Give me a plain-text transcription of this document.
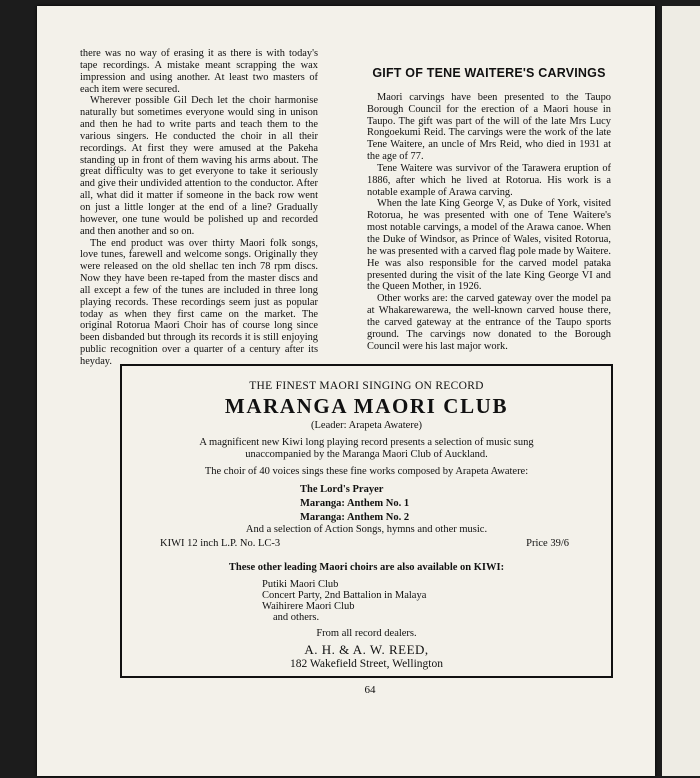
there was no way of erasing it as there is with today's tape recordings. A mistake meant scrapping the wax impression and using another. At least two masters of each item were secured.

Wherever possible Gil Dech let the choir harmonise naturally but sometimes everyone would sing in unison and then he had to write parts and teach them to the various singers. He conducted the choir in all their recordings. At first they were amused at the Pakeha standing up in front of them waving his arms about. The great difficulty was to get everyone to take it seriously and give their undivided attention to the conductor. After all, what did it matter if someone in the back row went on just a little longer at the end of a line? Gradually however, one tune would be polished up and recorded and then another and so on.

The end product was over thirty Maori folk songs, love tunes, farewell and welcome songs. Originally they were released on the old shellac ten inch 78 rpm discs. Now they have been re-taped from the master discs and all except a few of the tunes are included in three long playing records. These recordings seem just as popular today as when they first came on the market. The original Rotorua Maori Choir has of course long since been disbanded but through its records it is still enjoying public recognition over a quarter of a century after its heyday.

GIFT OF TENE WAITERE'S CARVINGS

Maori carvings have been presented to the Taupo Borough Council for the erection of a Maori house in Taupo. The gift was part of the will of the late Mrs Lucy Rongoekumi Reid. The carvings were the work of the late Tene Waitere, an uncle of Mrs Reid, who died in 1931 at the age of 77.

Tene Waitere was survivor of the Tarawera eruption of 1886, after which he lived at Rotorua. His work is a notable example of Arawa carving.

When the late King George V, as Duke of York, visited Rotorua, he was presented with one of Tene Waitere's most notable carvings, a model of the Arawa canoe. When the Duke of Windsor, as Prince of Wales, visited Rotorua, he was presented with a carved flag pole made by Waitere. He was also responsible for the carved model pataka presented during the visit of the late King George VI and the Queen Mother, in 1926.

Other works are: the carved gateway over the model pa at Whakarewarewa, the well-known carved house there, the carved gateway at the entrance of the Taupo sports ground. The carvings now donated to the Borough Council were his last major work.

THE FINEST MAORI SINGING ON RECORD
MARANGA MAORI CLUB
(Leader: Arapeta Awatere)
A magnificent new Kiwi long playing record presents a selection of music sung
unaccompanied by the Maranga Maori Club of Auckland.
The choir of 40 voices sings these fine works composed by Arapeta Awatere:
The Lord's Prayer
Maranga: Anthem No. 1
Maranga: Anthem No. 2
And a selection of Action Songs, hymns and other music.
KIWI 12 inch L.P. No. LC-3	Price 39/6
These other leading Maori choirs are also available on KIWI:
Putiki Maori Club
Concert Party, 2nd Battalion in Malaya
Waihirere Maori Club
and others.
From all record dealers.
A. H. & A. W. REED,
182 Wakefield Street, Wellington
64
